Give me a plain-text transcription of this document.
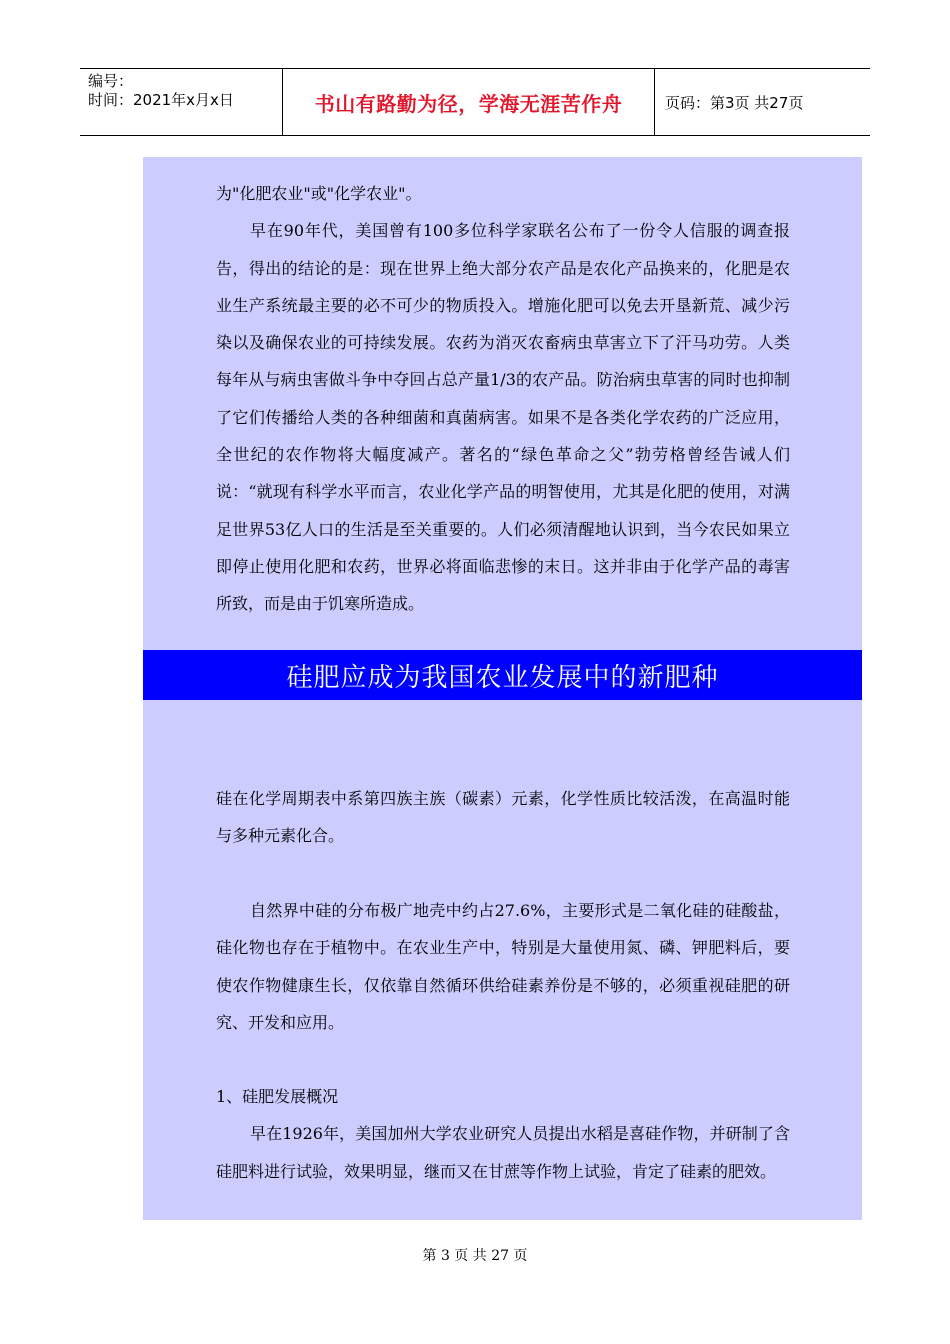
编号：
时间：2021年x月x日	书山有路勤为径，学海无涯苦作舟	页码：第3页 共27页

为"化肥农业"或"化学农业"。

早在90年代，美国曾有100多位科学家联名公布了一份令人信服的调查报告，得出的结论的是：现在世界上绝大部分农产品是农化产品换来的，化肥是农业生产系统最主要的必不可少的物质投入。增施化肥可以免去开垦新荒、减少污染以及确保农业的可持续发展。农药为消灭农畜病虫草害立下了汗马功劳。人类每年从与病虫害做斗争中夺回占总产量1/3的农产品。防治病虫草害的同时也抑制了它们传播给人类的各种细菌和真菌病害。如果不是各类化学农药的广泛应用，全世纪的农作物将大幅度减产。著名的“绿色革命之父”勃劳格曾经告诫人们说：“就现有科学水平而言，农业化学产品的明智使用，尤其是化肥的使用，对满足世界53亿人口的生活是至关重要的。人们必须清醒地认识到，当今农民如果立即停止使用化肥和农药，世界必将面临悲惨的末日。这并非由于化学产品的毒害所致，而是由于饥寒所造成。

硅肥应成为我国农业发展中的新肥种

硅在化学周期表中系第四族主族（碳素）元素，化学性质比较活泼，在高温时能与多种元素化合。

自然界中硅的分布极广地壳中约占27.6%，主要形式是二氧化硅的硅酸盐，硅化物也存在于植物中。在农业生产中，特别是大量使用氮、磷、钾肥料后，要使农作物健康生长，仅依靠自然循环供给硅素养份是不够的，必须重视硅肥的研究、开发和应用。

1、硅肥发展概况

早在1926年，美国加州大学农业研究人员提出水稻是喜硅作物，并研制了含硅肥料进行试验，效果明显，继而又在甘蔗等作物上试验，肯定了硅素的肥效。

第 3 页 共 27 页
